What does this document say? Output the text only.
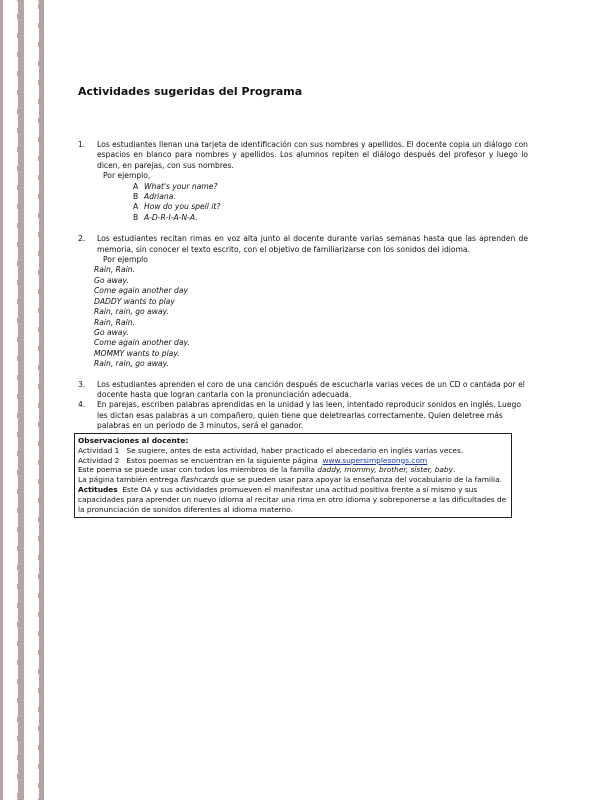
Actividades sugeridas del Programa
1.	Los estudiantes llenan una tarjeta de identificación con sus nombres y apellidos. El docente copia un diálogo con espacios en blanco para nombres y apellidos. Los alumnos repiten el diálogo después del profesor y luego lo dicen, en parejas, con sus nombres.
Por ejemplo,
A What's your name?
B Adriana.
A How do you spell it?
B A-D-R-I-A-N-A.
2.	Los estudiantes recitan rimas en voz alta junto al docente durante varias semanas hasta que las aprenden de memoria, sin conocer el texto escrito, con el objetivo de familiarizarse con los sonidos del idioma.
Por ejemplo
Rain, Rain.
Go away.
Come again another day
DADDY wants to play
Rain, rain, go away.
Rain, Rain.
Go away.
Come again another day.
MOMMY wants to play.
Rain, rain, go away.
3.	Los estudiantes aprenden el coro de una canción después de escucharla varias veces de un CD o cantada por el docente hasta que logran cantarla con la pronunciación adecuada.
4.	En parejas, escriben palabras aprendidas en la unidad y las leen, intentado reproducir sonidos en inglés. Luego les dictan esas palabras a un compañero, quien tiene que deletrearlas correctamente. Quien deletree más palabras en un periodo de 3 minutos, será el ganador.
Observaciones al docente:
Actividad 1 Se sugiere, antes de esta actividad, haber practicado el abecedario en inglés varias veces.
Actividad 2 Estos poemas se encuentran en la siguiente página www.supersimplesongs.com
Este poema se puede usar con todos los miembros de la familia daddy, mommy, brother, sister, baby.
La página también entrega flashcards que se pueden usar para apoyar la enseñanza del vocabulario de la familia.
Actitudes Este OA y sus actividades promueven el manifestar una actitud positiva frente a sí mismo y sus capacidades para aprender un nuevo idioma al recitar una rima en otro idioma y sobreponerse a las dificultades de la pronunciación de sonidos diferentes al idioma materno.
